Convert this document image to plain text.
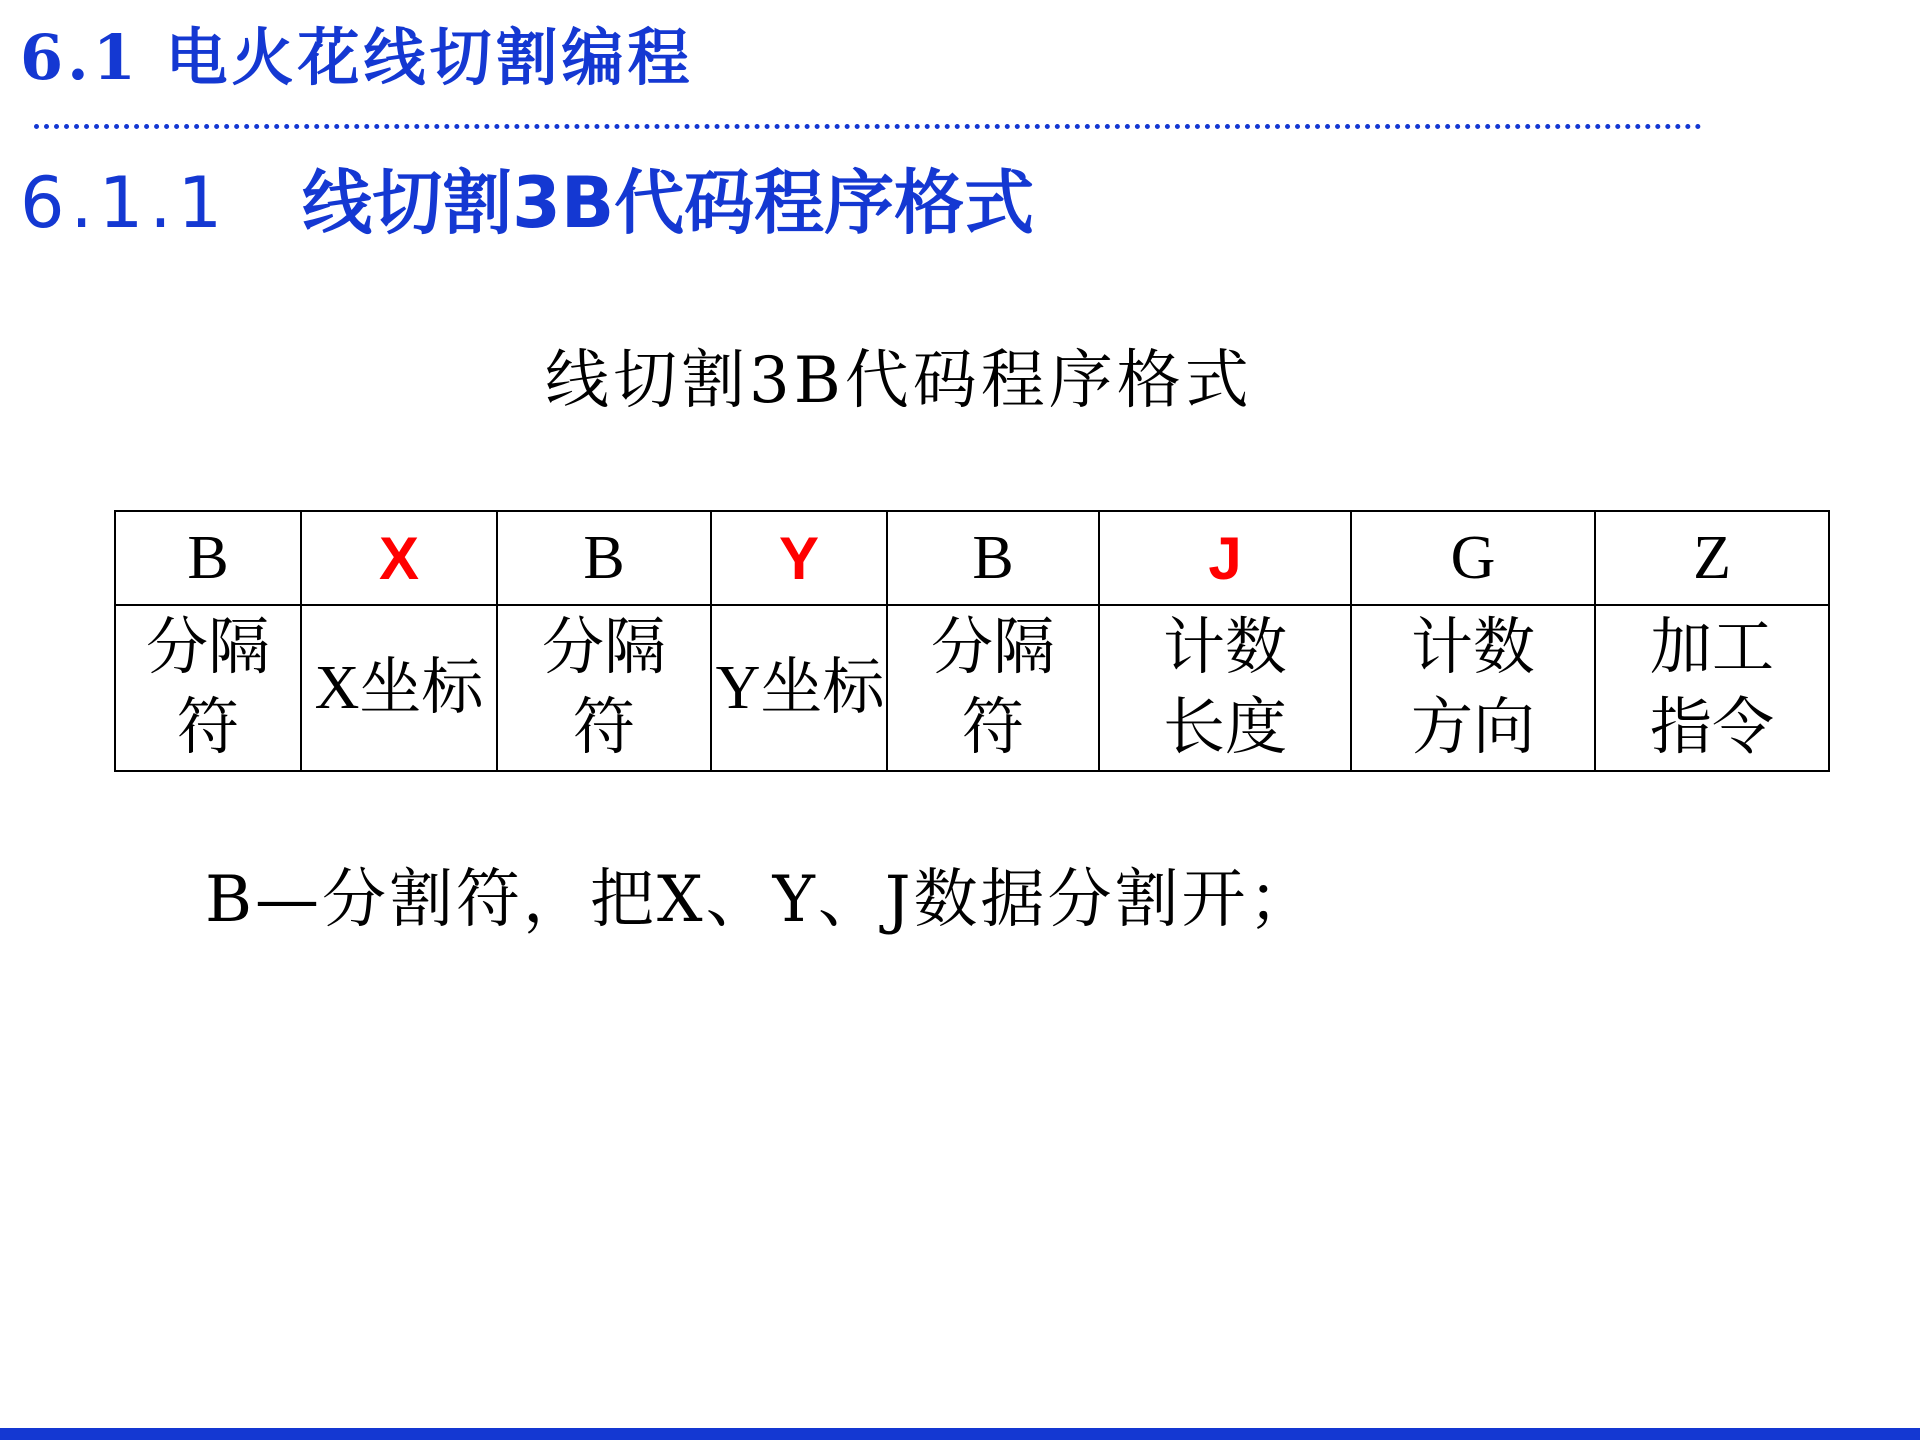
6.1 电火花线切割编程
6.1.1 线切割3B代码程序格式

线切割3B代码程序格式

B	X	B	Y	B	J	G	Z
分隔符	X坐标	分隔符	Y坐标	分隔符	计数长度	计数方向	加工指令

B—分割符，把X、Y、J数据分割开；
